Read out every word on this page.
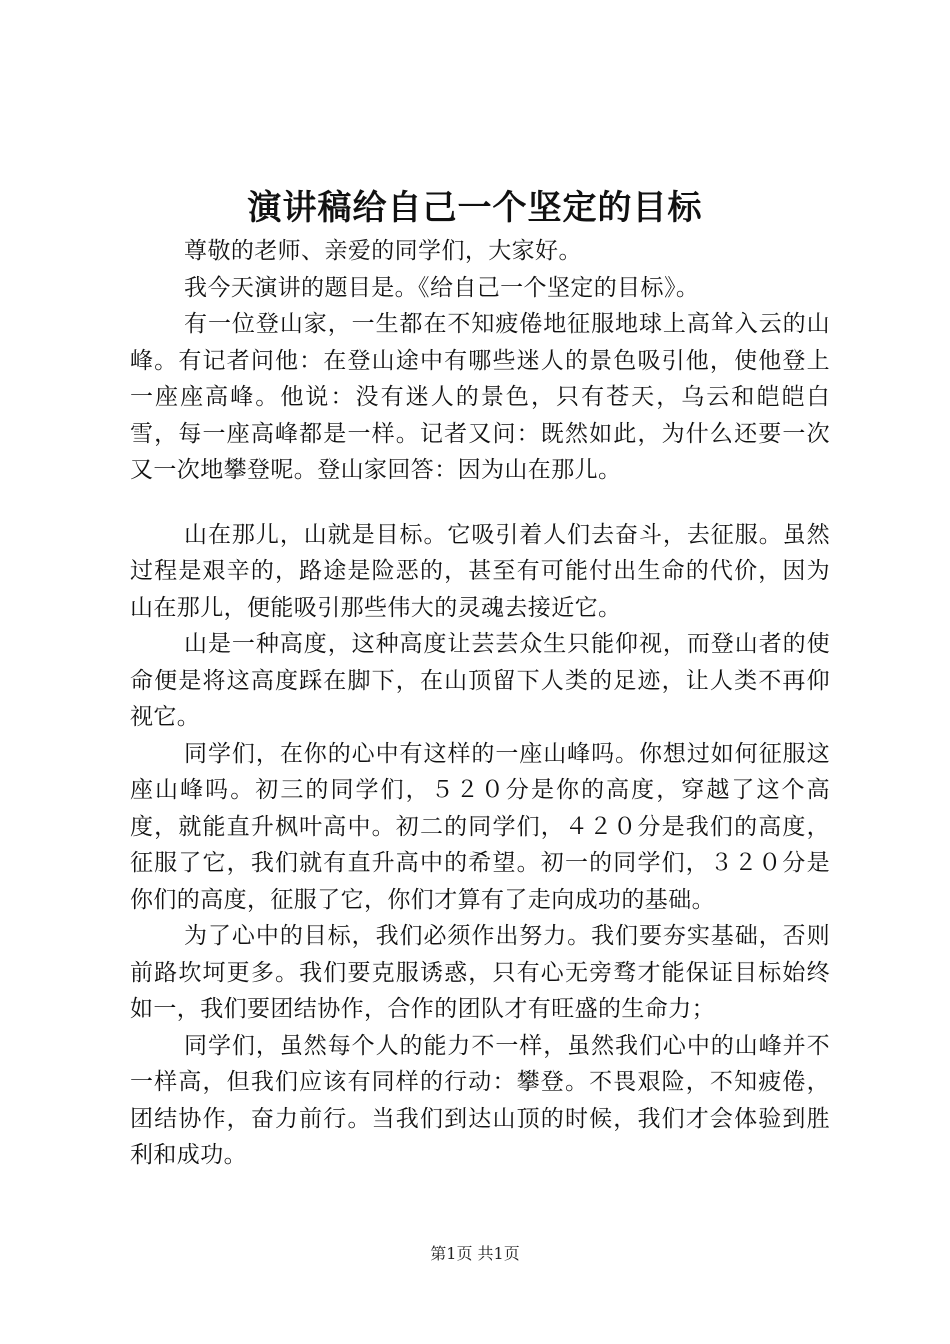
演讲稿给自己一个坚定的目标

尊敬的老师、亲爱的同学们，大家好。

我今天演讲的题目是。《给自己一个坚定的目标》。

有一位登山家，一生都在不知疲倦地征服地球上高耸入云的山峰。有记者问他：在登山途中有哪些迷人的景色吸引他，使他登上一座座高峰。他说：没有迷人的景色，只有苍天，乌云和皑皑白雪，每一座高峰都是一样。记者又问：既然如此，为什么还要一次又一次地攀登呢。登山家回答：因为山在那儿。

山在那儿，山就是目标。它吸引着人们去奋斗，去征服。虽然过程是艰辛的，路途是险恶的，甚至有可能付出生命的代价，因为山在那儿，便能吸引那些伟大的灵魂去接近它。

山是一种高度，这种高度让芸芸众生只能仰视，而登山者的使命便是将这高度踩在脚下，在山顶留下人类的足迹，让人类不再仰视它。

同学们，在你的心中有这样的一座山峰吗。你想过如何征服这座山峰吗。初三的同学们，５２０分是你的高度，穿越了这个高度，就能直升枫叶高中。初二的同学们，４２０分是我们的高度，征服了它，我们就有直升高中的希望。初一的同学们，３２０分是你们的高度，征服了它，你们才算有了走向成功的基础。

为了心中的目标，我们必须作出努力。我们要夯实基础，否则前路坎坷更多。我们要克服诱惑，只有心无旁骛才能保证目标始终如一，我们要团结协作，合作的团队才有旺盛的生命力；

同学们，虽然每个人的能力不一样，虽然我们心中的山峰并不一样高，但我们应该有同样的行动：攀登。不畏艰险，不知疲倦，团结协作，奋力前行。当我们到达山顶的时候，我们才会体验到胜利和成功。

第1页 共1页
